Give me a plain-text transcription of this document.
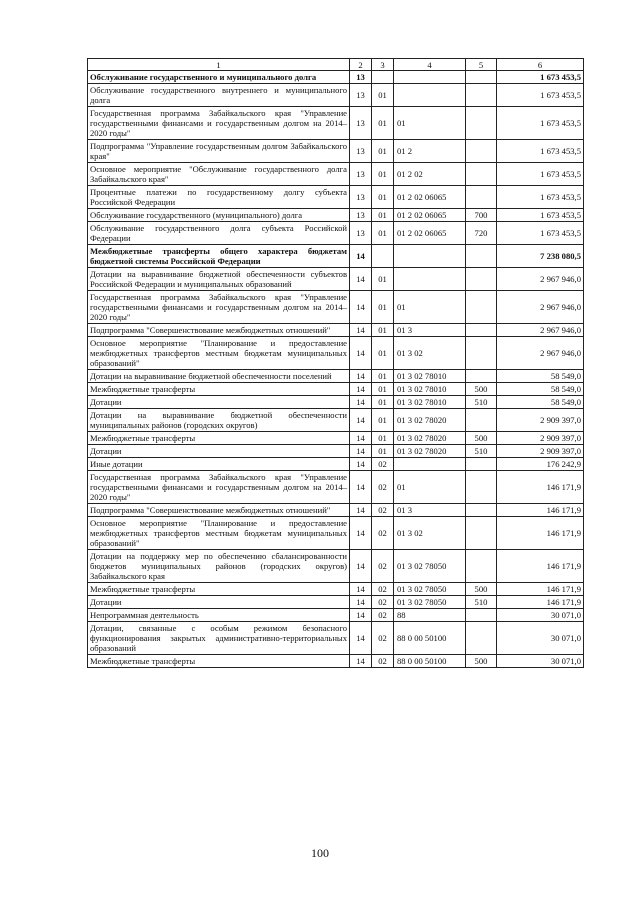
1	2	3	4	5	6
Обслуживание государственного и муниципального долга	13				1 673 453,5
Обслуживание государственного внутреннего и муниципального долга	13	01			1 673 453,5
Государственная программа Забайкальского края "Управление государственными финансами и государственным долгом на 2014–2020 годы"	13	01	01		1 673 453,5
Подпрограмма "Управление государственным долгом Забайкальского края"	13	01	01 2		1 673 453,5
Основное мероприятие "Обслуживание государственного долга Забайкальского края"	13	01	01 2 02		1 673 453,5
Процентные платежи по государственному долгу субъекта Российской Федерации	13	01	01 2 02 06065		1 673 453,5
Обслуживание государственного (муниципального) долга	13	01	01 2 02 06065	700	1 673 453,5
Обслуживание государственного долга субъекта Российской Федерации	13	01	01 2 02 06065	720	1 673 453,5
Межбюджетные трансферты общего характера бюджетам бюджетной системы Российской Федерации	14				7 238 080,5
Дотации на выравнивание бюджетной обеспеченности субъектов Российской Федерации и муниципальных образований	14	01			2 967 946,0
Государственная программа Забайкальского края "Управление государственными финансами и государственным долгом на 2014–2020 годы"	14	01	01		2 967 946,0
Подпрограмма "Совершенствование межбюджетных отношений"	14	01	01 3		2 967 946,0
Основное мероприятие "Планирование и предоставление межбюджетных трансфертов местным бюджетам муниципальных образований"	14	01	01 3 02		2 967 946,0
Дотации на выравнивание бюджетной обеспеченности поселений	14	01	01 3 02 78010		58 549,0
Межбюджетные трансферты	14	01	01 3 02 78010	500	58 549,0
Дотации	14	01	01 3 02 78010	510	58 549,0
Дотации на выравнивание бюджетной обеспеченности муниципальных районов (городских округов)	14	01	01 3 02 78020		2 909 397,0
Межбюджетные трансферты	14	01	01 3 02 78020	500	2 909 397,0
Дотации	14	01	01 3 02 78020	510	2 909 397,0
Иные дотации	14	02			176 242,9
Государственная программа Забайкальского края "Управление государственными финансами и государственным долгом на 2014–2020 годы"	14	02	01		146 171,9
Подпрограмма "Совершенствование межбюджетных отношений"	14	02	01 3		146 171,9
Основное мероприятие "Планирование и предоставление межбюджетных трансфертов местным бюджетам муниципальных образований"	14	02	01 3 02		146 171,9
Дотации на поддержку мер по обеспечению сбалансированности бюджетов муниципальных районов (городских округов) Забайкальского края	14	02	01 3 02 78050		146 171,9
Межбюджетные трансферты	14	02	01 3 02 78050	500	146 171,9
Дотации	14	02	01 3 02 78050	510	146 171,9
Непрограммная деятельность	14	02	88		30 071,0
Дотации, связанные с особым режимом безопасного функционирования закрытых административно-территориальных образований	14	02	88 0 00 50100		30 071,0
Межбюджетные трансферты	14	02	88 0 00 50100	500	30 071,0
100
